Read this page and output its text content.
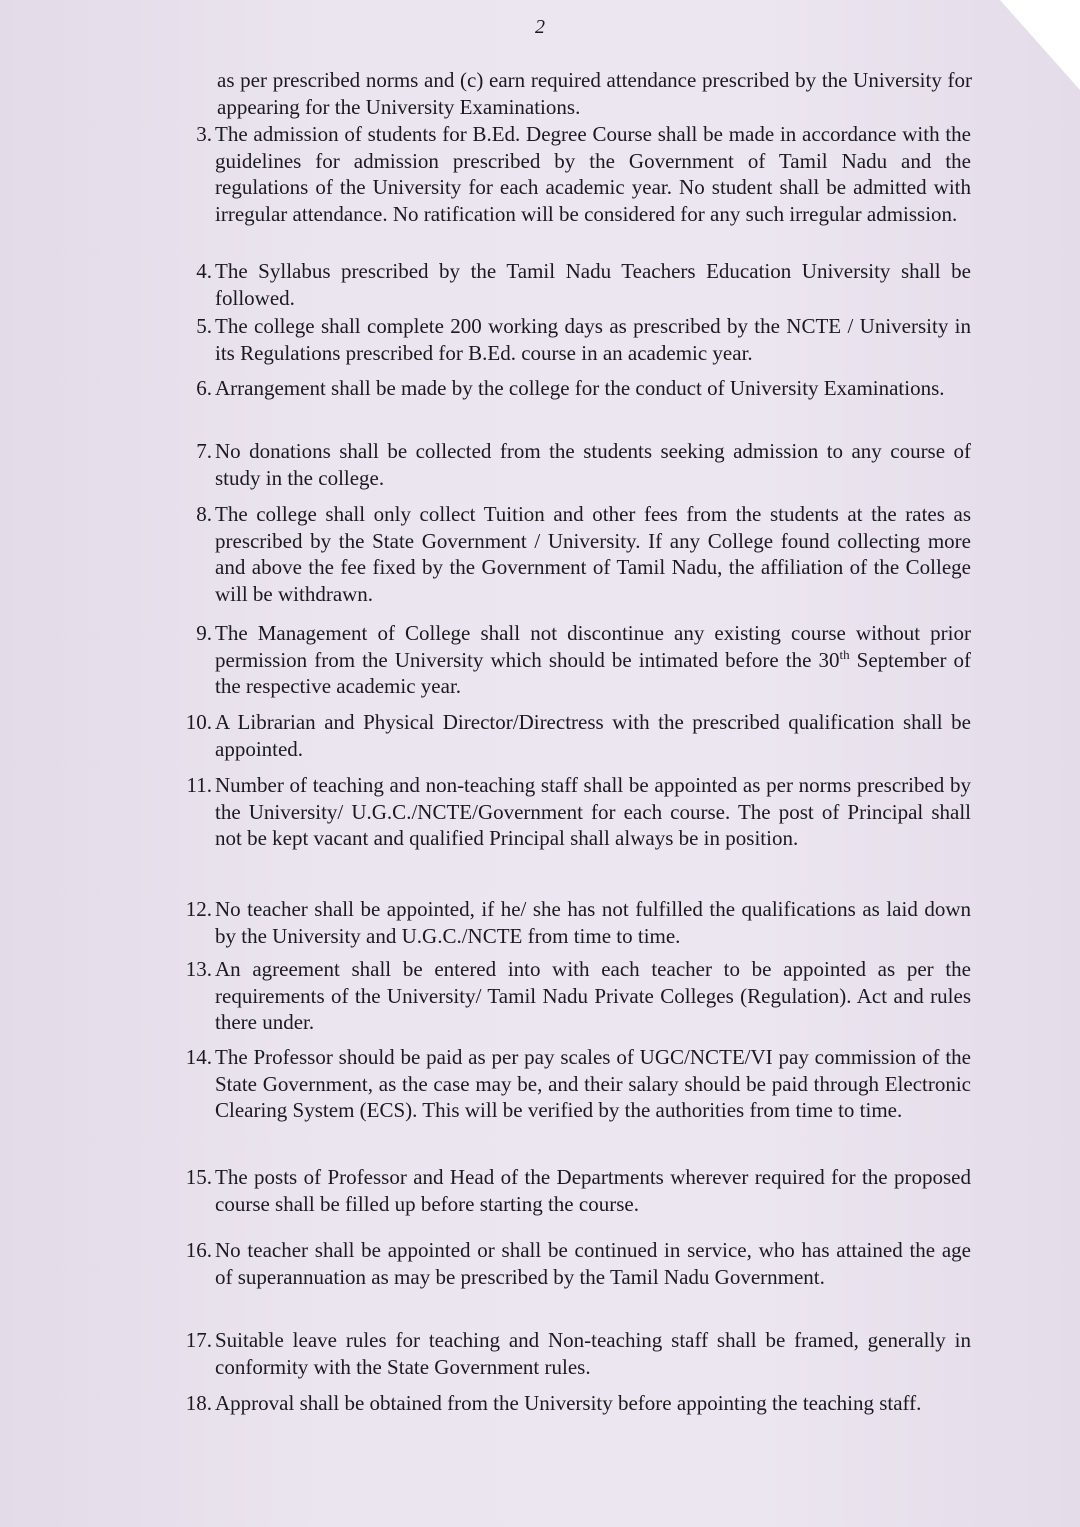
2
as per prescribed norms and (c) earn required attendance prescribed by the University for appearing for the University Examinations.
3. The admission of students for B.Ed. Degree Course shall be made in accordance with the guidelines for admission prescribed by the Government of Tamil Nadu and the regulations of the University for each academic year. No student shall be admitted with irregular attendance. No ratification will be considered for any such irregular admission.
4. The Syllabus prescribed by the Tamil Nadu Teachers Education University shall be followed.
5. The college shall complete 200 working days as prescribed by the NCTE / University in its Regulations prescribed for B.Ed. course in an academic year.
6. Arrangement shall be made by the college for the conduct of University Examinations.
7. No donations shall be collected from the students seeking admission to any course of study in the college.
8. The college shall only collect Tuition and other fees from the students at the rates as prescribed by the State Government / University. If any College found collecting more and above the fee fixed by the Government of Tamil Nadu, the affiliation of the College will be withdrawn.
9. The Management of College shall not discontinue any existing course without prior permission from the University which should be intimated before the 30th September of the respective academic year.
10. A Librarian and Physical Director/Directress with the prescribed qualification shall be appointed.
11. Number of teaching and non-teaching staff shall be appointed as per norms prescribed by the University/ U.G.C./NCTE/Government for each course. The post of Principal shall not be kept vacant and qualified Principal shall always be in position.
12. No teacher shall be appointed, if he/ she has not fulfilled the qualifications as laid down by the University and U.G.C./NCTE from time to time.
13. An agreement shall be entered into with each teacher to be appointed as per the requirements of the University/ Tamil Nadu Private Colleges (Regulation). Act and rules there under.
14. The Professor should be paid as per pay scales of UGC/NCTE/VI pay commission of the State Government, as the case may be, and their salary should be paid through Electronic Clearing System (ECS). This will be verified by the authorities from time to time.
15. The posts of Professor and Head of the Departments wherever required for the proposed course shall be filled up before starting the course.
16. No teacher shall be appointed or shall be continued in service, who has attained the age of superannuation as may be prescribed by the Tamil Nadu Government.
17. Suitable leave rules for teaching and Non-teaching staff shall be framed, generally in conformity with the State Government rules.
18. Approval shall be obtained from the University before appointing the teaching staff.
